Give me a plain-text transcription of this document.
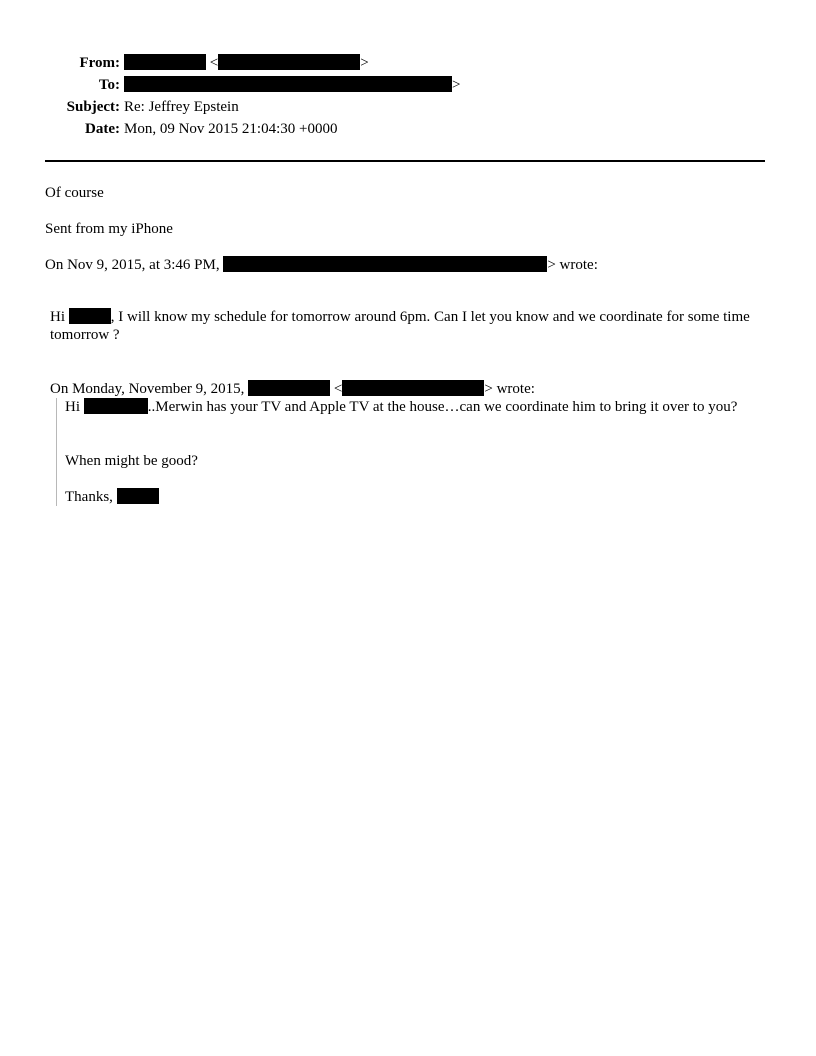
From:	<	>
To:	>
Subject: Re: Jeffrey Epstein
Date: Mon, 09 Nov 2015 21:04:30 +0000
Of course
Sent from my iPhone
On Nov 9, 2015, at 3:46 PM,	> wrote:
Hi	, I will know my schedule for tomorrow around 6pm. Can I let you know and we coordinate for some time tomorrow ?
On Monday, November 9, 2015,	<	> wrote:
Hi	..Merwin has your TV and Apple TV at the house…can we coordinate him to bring it over to you?
When might be good?
Thanks,
